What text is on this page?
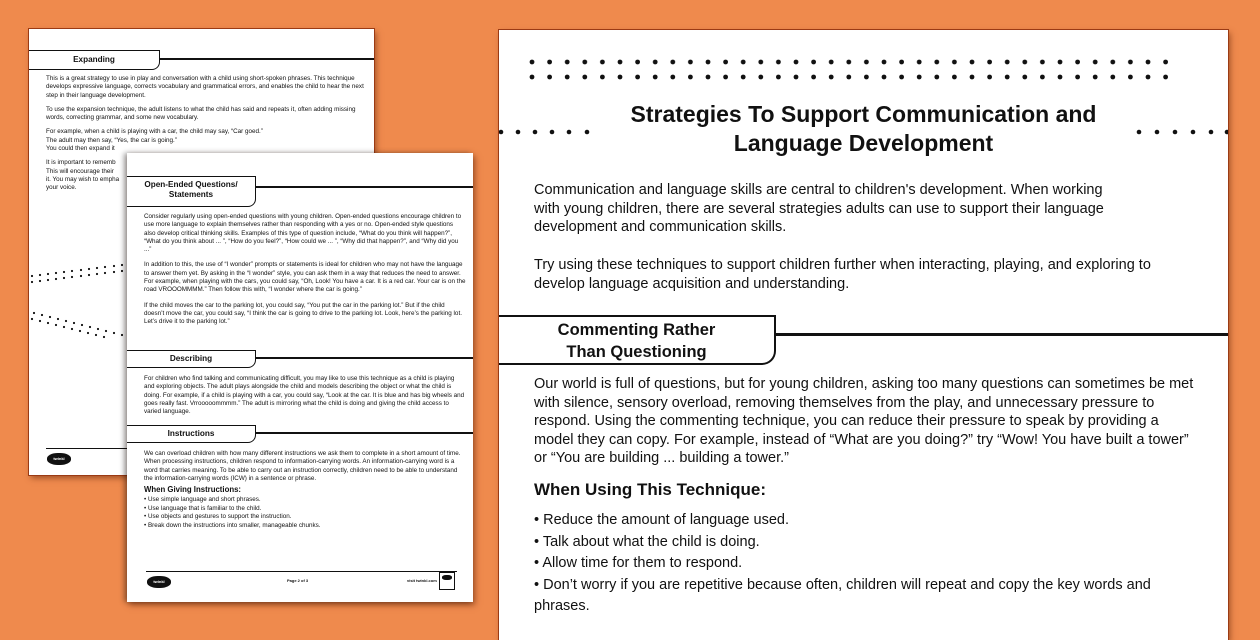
Expanding

This is a great strategy to use in play and conversation with a child using short-spoken phrases. This technique develops expressive language, corrects vocabulary and grammatical errors, and enables the child to hear the next step in their language development.

To use the expansion technique, the adult listens to what the child has said and repeats it, often adding missing words, correcting grammar, and some new vocabulary.

For example, when a child is playing with a car, the child may say, “Car goed.”

The adult may then say, “Yes, the car is going.”

You could then expand it

It is important to rememb

This will encourage their

it. You may wish to empha

your voice.

twinkl
Open-Ended Questions/
Statements

Consider regularly using open-ended questions with young children. Open-ended questions encourage children to use more language to explain themselves rather than responding with a yes or no. Open-ended style questions also develop critical thinking skills. Examples of this type of question include, “What do you think will happen?”, “What do you think about ... ”, “How do you feel?”, “How could we ... ”, “Why did that happen?”, and “Why did you ...”

In addition to this, the use of “I wonder” prompts or statements is ideal for children who may not have the language to answer them yet. By asking in the “I wonder” style, you can ask them in a way that reduces the need to answer. For example, when playing with the cars, you could say, “Oh, Look! You have a car. It is a red car. Your car is on the road VROOOMMMM.” Then follow this with, “I wonder where the car is going.”

If the child moves the car to the parking lot, you could say, “You put the car in the parking lot.” But if the child doesn’t move the car, you could say, “I think the car is going to drive to the parking lot. Look, here’s the parking lot. Let’s drive it to the parking lot.”

Describing

For children who find talking and communicating difficult, you may like to use this technique as a child is playing and exploring objects. The adult plays alongside the child and models describing the object or what the child is doing. For example, if a child is playing with a car, you could say, “Look at the car. It is blue and has big wheels and goes really fast. Vrrooooommmm.” The adult is mirroring what the child is doing and giving the child access to varied language.

Instructions

We can overload children with how many different instructions we ask them to complete in a short amount of time. When processing instructions, children respond to information-carrying words. An information-carrying word is a word that carries meaning. To be able to carry out an instruction correctly, children need to be able to understand the information-carrying words (ICW) in a sentence or phrase.

When Giving Instructions:

• Use simple language and short phrases.
• Use language that is familiar to the child.
• Use objects and gestures to support the instruction.
• Break down the instructions into smaller, manageable chunks.
twinkl	Page 2 of 3	visit twinkl.com
Strategies To Support Communication and
Language Development

Communication and language skills are central to children's development. When working with young children, there are several strategies adults can use to support their language development and communication skills.

Try using these techniques to support children further when interacting, playing, and exploring to develop language acquisition and understanding.

Commenting Rather
Than Questioning

Our world is full of questions, but for young children, asking too many questions can sometimes be met with silence, sensory overload, removing themselves from the play, and unnecessary pressure to respond. Using the commenting technique, you can reduce their pressure to speak by providing a model they can copy. For example, instead of “What are you doing?” try “Wow! You have built a tower” or “You are building ... building a tower.”

When Using This Technique:
• Reduce the amount of language used.
• Talk about what the child is doing.
• Allow time for them to respond.
• Don’t worry if you are repetitive because often, children will repeat and copy the key words and phrases.
